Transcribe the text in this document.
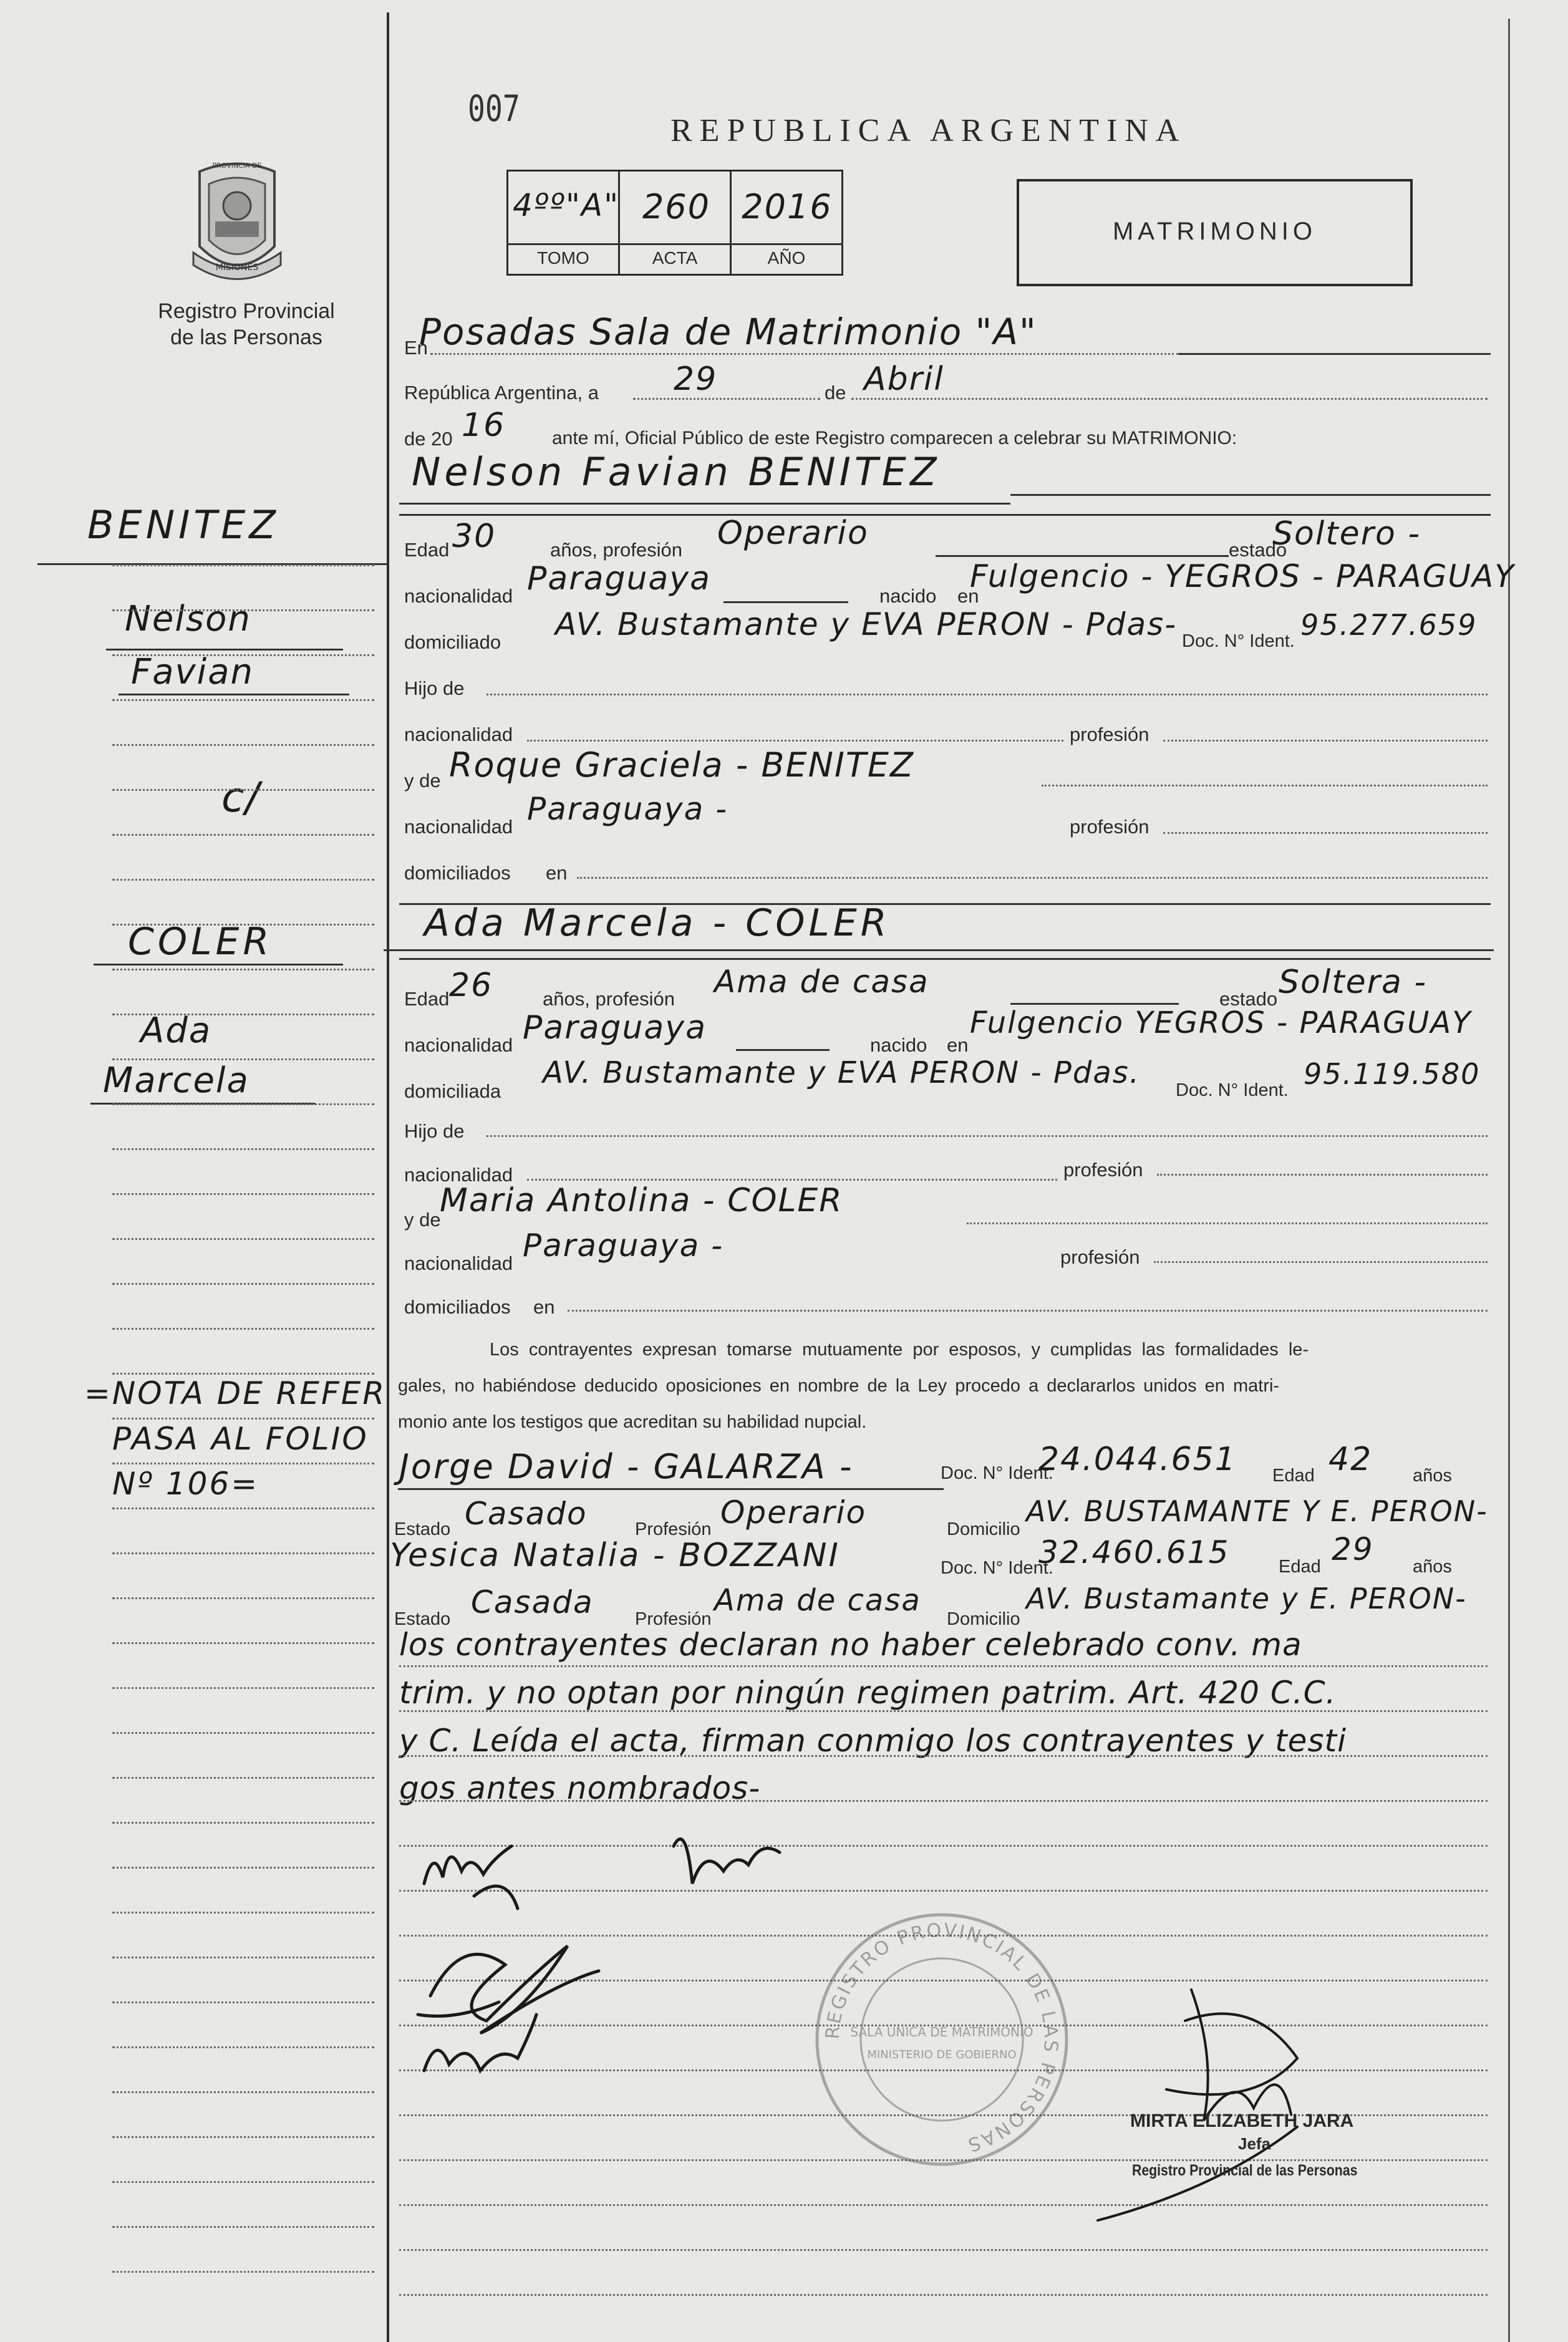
PROVINCIA DE
MISIONES
Registro Provincial
de las Personas
007
REPUBLICA ARGENTINA
4ºº"A" 260 2016
TOMO	ACTA	AÑO
MATRIMONIO
BENITEZ
Nelson
Favian
c/
COLER
Ada
Marcela
=NOTA DE REFER
PASA AL FOLIO
Nº 106=
En
Posadas Sala de Matrimonio "A"
República Argentina, a 29	de Abril
de 20 16 ante mí, Oficial Público de este Registro comparecen a celebrar su MATRIMONIO:
Nelson Favian BENITEZ
Edad 30	años, profesión Operario	estado
Soltero -
nacionalidad Paraguaya	nacido en
Fulgencio - YEGROS - PARAGUAY
domiciliado AV. Bustamante y EVA PERON - Pdas- Doc. N° Ident. 95.277.659
Hijo de
nacionalidad	profesión
y de Roque Graciela - BENITEZ
nacionalidad Paraguaya -	profesión
domiciliados en
Ada Marcela - COLER
Edad 26	años, profesión Ama de casa	estado Soltera -
nacionalidad Paraguaya	nacido en
Fulgencio YEGROS - PARAGUAY
domiciliada
AV. Bustamante y EVA PERON - Pdas. Doc. N° Ident. 95.119.580
Hijo de
nacionalidad	profesión
y de
Maria Antolina - COLER
nacionalidad Paraguaya -	profesión
domiciliados en
Los contrayentes expresan tomarse mutuamente por esposos, y cumplidas las formalidades le-
gales, no habiéndose deducido oposiciones en nombre de la Ley procedo a declararlos unidos en matri-
monio ante los testigos que acreditan su habilidad nupcial.
Jorge David - GALARZA -	Doc. N° Ident.
24.044.651 Edad 42 años
Estado Casado	Profesión Operario	Domicilio
AV. BUSTAMANTE Y E. PERON-
Yesica Natalia - BOZZANI	Doc. N° Ident.
32.460.615	Edad 29 años
Estado Casada Profesión
Ama de casa
Domicilio
AV. Bustamante y E. PERON-
los contrayentes declaran no haber celebrado conv. ma
trim. y no optan por ningún regimen patrim. Art. 420 C.C.
y C. Leída el acta, firman conmigo los contrayentes y testi
gos antes nombrados-
REGISTRO PROVINCIAL DE LAS PERSONAS
SALA UNICA DE MATRIMONIO
MINISTERIO DE GOBIERNO
MIRTA ELIZABETH JARA
Jefa
Registro Provincial de las Personas
